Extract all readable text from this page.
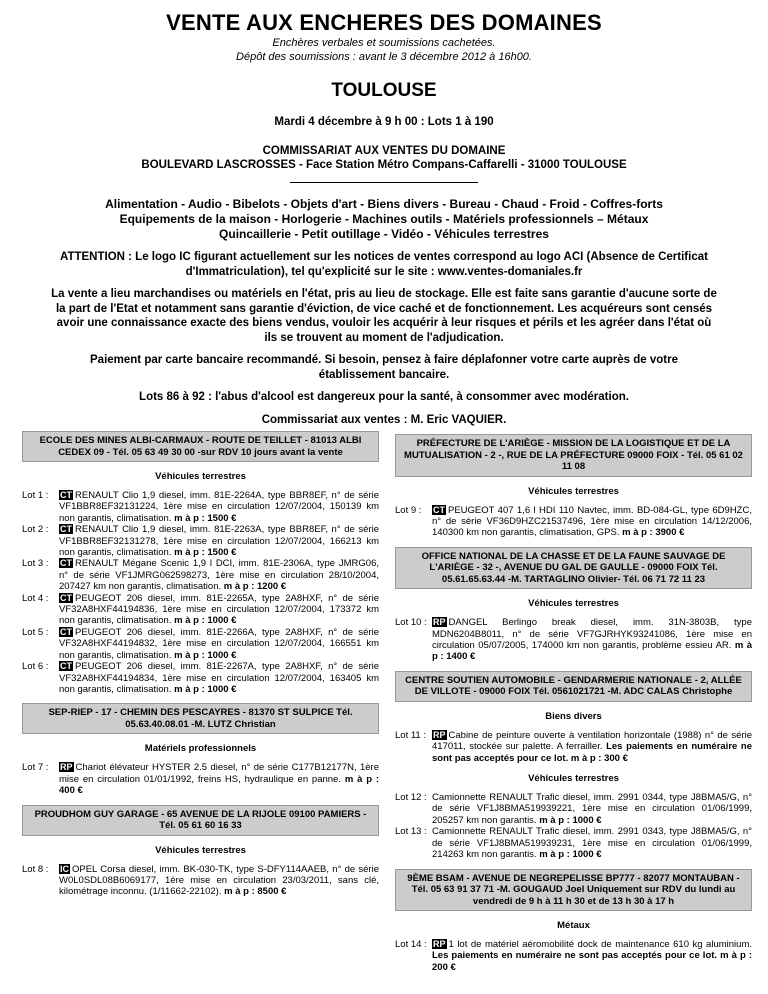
VENTE AUX ENCHERES DES DOMAINES
Enchères verbales et soumissions cachetées.
Dépôt des soumissions : avant le 3 décembre 2012 à 16h00.
TOULOUSE
Mardi 4 décembre à 9 h 00 : Lots 1 à 190
COMMISSARIAT AUX VENTES DU DOMAINE
BOULEVARD LASCROSSES - Face Station Métro Compans-Caffarelli - 31000 TOULOUSE
Alimentation - Audio - Bibelots - Objets d'art - Biens divers - Bureau - Chaud - Froid - Coffres-forts
Equipements de la maison - Horlogerie - Machines outils - Matériels professionnels – Métaux
Quincaillerie - Petit outillage - Vidéo - Véhicules terrestres
ATTENTION : Le logo IC figurant actuellement sur les notices de ventes correspond au logo ACI (Absence de Certificat d'Immatriculation), tel qu'explicité sur le site : www.ventes-domaniales.fr
La vente a lieu marchandises ou matériels en l'état, pris au lieu de stockage. Elle est faite sans garantie d'aucune sorte de la part de l'Etat et notamment sans garantie d'éviction, de vice caché et de fonctionnement. Les acquéreurs sont censés avoir une connaissance exacte des biens vendus, vouloir les acquérir à leur risques et périls et les agréer dans l'état où ils se trouvent au moment de l'adjudication.
Paiement par carte bancaire recommandé. Si besoin, pensez à faire déplafonner votre carte auprès de votre établissement bancaire.
Lots 86 à 92 : l'abus d'alcool est dangereux pour la santé, à consommer avec modération.
Commissariat aux ventes : M. Eric VAQUIER.
ECOLE DES MINES ALBI-CARMAUX - ROUTE DE TEILLET - 81013 ALBI CEDEX 09 - Tél. 05 63 49 30 00 -sur RDV 10 jours avant la vente
Véhicules terrestres
Lot 1 :	CT RENAULT Clio 1,9 diesel, imm. 81E-2264A, type BBR8EF, n° de série VF1BBR8EF32131224, 1ère mise en circulation 12/07/2004, 150139 km non garantis, climatisation. m à p : 1500 €
Lot 2 :	CT RENAULT Clio 1,9 diesel, imm. 81E-2263A, type BBR8EF, n° de série VF1BBR8EF32131278, 1ère mise en circulation 12/07/2004, 166213 km non garantis, climatisation. m à p : 1500 €
Lot 3 :	CT RENAULT Mégane Scenic 1,9 l DCI, imm. 81E-2306A, type JMRG06, n° de série VF1JMRG062598273, 1ère mise en circulation 28/10/2004, 207427 km non garantis, climatisation. m à p : 1200 €
Lot 4 :	CT PEUGEOT 206 diesel, imm. 81E-2265A, type 2A8HXF, n° de série VF32A8HXF44194836, 1ère mise en circulation 12/07/2004, 173372 km non garantis, climatisation. m à p : 1000 €
Lot 5 :	CT PEUGEOT 206 diesel, imm. 81E-2266A, type 2A8HXF, n° de série VF32A8HXF44194832, 1ère mise en circulation 12/07/2004, 166551 km non garantis, climatisation. m à p : 1000 €
Lot 6 :	CT PEUGEOT 206 diesel, imm. 81E-2267A, type 2A8HXF, n° de série VF32A8HXF44194834, 1ère mise en circulation 12/07/2004, 163405 km non garantis, climatisation. m à p : 1000 €
SEP-RIEP - 17 - CHEMIN DES PESCAYRES - 81370 ST SULPICE Tél. 05.63.40.08.01 -M. LUTZ Christian
Matériels professionnels
Lot 7 :	RP Chariot élévateur HYSTER 2.5 diesel, n° de série C177B12177N, 1ère mise en circulation 01/01/1992, freins HS, hydraulique en panne. m à p : 400 €
PROUDHOM GUY GARAGE - 65 AVENUE DE LA RIJOLE 09100 PAMIERS - Tél. 05 61 60 16 33
Véhicules terrestres
Lot 8 :	IC OPEL Corsa diesel, imm. BK-030-TK, type S-DFY114AAEB, n° de série W0L0SDL08B6069177, 1ère mise en circulation 23/03/2011, sans clé, kilométrage inconnu. (1/11662-22102). m à p : 8500 €
PRÉFECTURE DE L'ARIÈGE - MISSION DE LA LOGISTIQUE ET DE LA MUTUALISATION - 2 -, RUE DE LA PRÉFECTURE 09000 FOIX - Tél. 05 61 02 11 08
Véhicules terrestres
Lot 9 :	CT PEUGEOT 407 1,6 l HDI 110 Navtec, imm. BD-084-GL, type 6D9HZC, n° de série VF36D9HZC21537496, 1ère mise en circulation 14/12/2006, 140300 km non garantis, climatisation, GPS. m à p : 3900 €
OFFICE NATIONAL DE LA CHASSE ET DE LA FAUNE SAUVAGE DE L'ARIÈGE - 32 -, AVENUE DU GAL DE GAULLE - 09000 FOIX Tél. 05.61.65.63.44 -M. TARTAGLINO Olivier- Tél. 06 71 72 11 23
Véhicules terrestres
Lot 10 : RP DANGEL Berlingo break diesel, imm. 31N-3803B, type MDN6204B8011, n° de série VF7GJRHYK93241086, 1ère mise en circulation 05/07/2005, 174000 km non garantis, problème essieu AR. m à p : 1400 €
CENTRE SOUTIEN AUTOMOBILE - GENDARMERIE NATIONALE - 2, ALLÉE DE VILLOTE - 09000 FOIX Tél. 0561021721 -M. ADC CALAS Christophe
Biens divers
Lot 11 : RP Cabine de peinture ouverte à ventilation horizontale (1988) n° de série 417011, stockée sur palette. A ferrailler. Les paiements en numéraire ne sont pas acceptés pour ce lot. m à p : 300 €
Véhicules terrestres
Lot 12 : Camionnette RENAULT Trafic diesel, imm. 2991 0344, type J8BMA5/G, n° de série VF1J8BMA519939221, 1ère mise en circulation 01/06/1999, 205257 km non garantis. m à p : 1000 €
Lot 13 : Camionnette RENAULT Trafic diesel, imm. 2991 0343, type J8BMA5/G, n° de série VF1J8BMA519939231, 1ère mise en circulation 01/06/1999, 214263 km non garantis. m à p : 1000 €
9ÈME BSAM - AVENUE DE NEGREPELISSE BP777 - 82077 MONTAUBAN - Tél. 05 63 91 37 71 -M. GOUGAUD Joel Uniquement sur RDV du lundi au vendredi de 9 h à 11 h 30 et de 13 h 30 à 17 h
Métaux
Lot 14 : RP 1 lot de matériel aéromobilité dock de maintenance 610 kg aluminium. Les paiements en numéraire ne sont pas acceptés pour ce lot. m à p : 200 €
